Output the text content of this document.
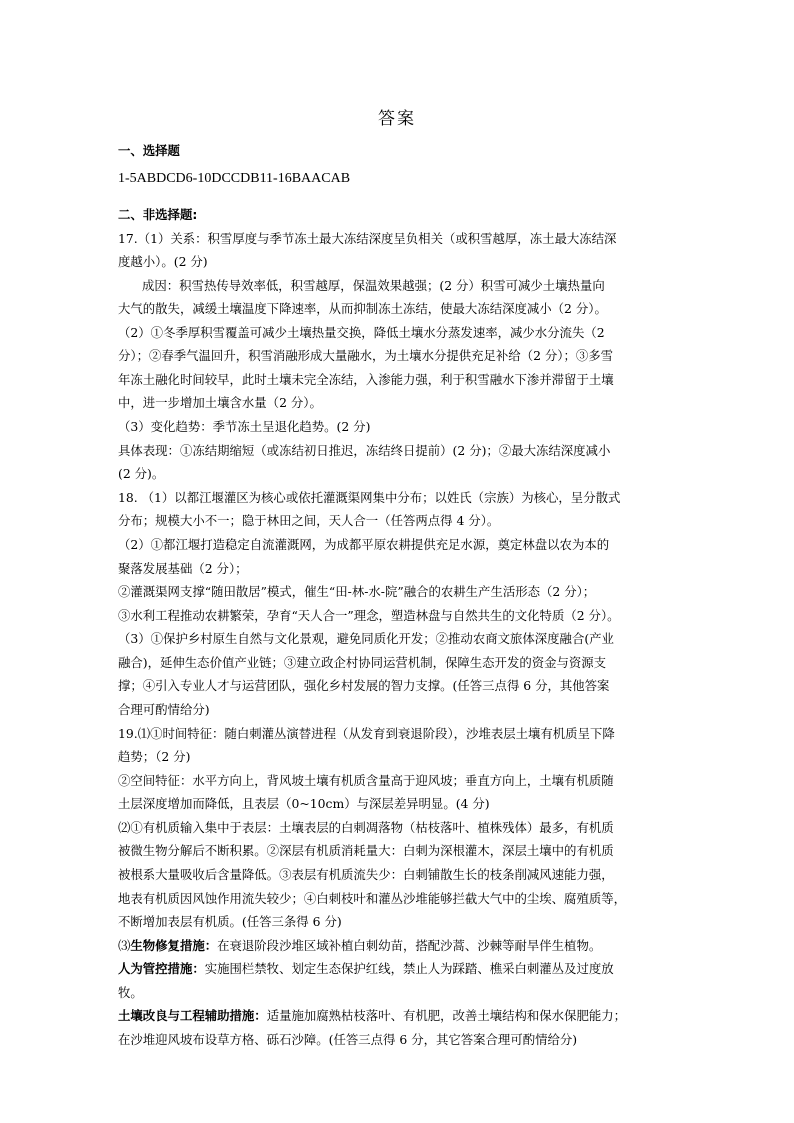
答案
一、选择题
1-5ABDCD6-10DCCDB11-16BAACAB
二、非选择题:
17.（1）关系：积雪厚度与季节冻土最大冻结深度呈负相关（或积雪越厚，冻土最大冻结深
度越小）。(2 分)
成因：积雪热传导效率低，积雪越厚，保温效果越强；(2 分）积雪可减少土壤热量向
大气的散失，减缓土壤温度下降速率，从而抑制冻土冻结，使最大冻结深度减小（2 分）。
（2）①冬季厚积雪覆盖可减少土壤热量交换，降低土壤水分蒸发速率，减少水分流失（2
分）；②春季气温回升，积雪消融形成大量融水，为土壤水分提供充足补给（2 分）；③多雪
年冻土融化时间较早，此时土壤未完全冻结，入渗能力强，利于积雪融水下渗并滞留于土壤
中，进一步增加土壤含水量（2 分）。
（3）变化趋势：季节冻土呈退化趋势。(2 分)
具体表现：①冻结期缩短（或冻结初日推迟，冻结终日提前）(2 分)；②最大冻结深度减小
(2 分)。
18. （1）以都江堰灌区为核心或依托灌溉渠网集中分布；以姓氏（宗族）为核心，呈分散式
分布；规模大小不一；隐于林田之间，天人合一（任答两点得 4 分）。
（2）①都江堰打造稳定自流灌溉网，为成都平原农耕提供充足水源，奠定林盘以农为本的
聚落发展基础（2 分）；
②灌溉渠网支撑“随田散居”模式，催生“田-林-水-院”融合的农耕生产生活形态（2 分）；
③水利工程推动农耕繁荣，孕育“天人合一”理念，塑造林盘与自然共生的文化特质（2 分）。
（3）①保护乡村原生自然与文化景观，避免同质化开发；②推动农商文旅体深度融合(产业
融合)，延伸生态价值产业链；③建立政企村协同运营机制，保障生态开发的资金与资源支
撑；④引入专业人才与运营团队，强化乡村发展的智力支撑。(任答三点得 6 分，其他答案
合理可酌情给分)
19.⑴①时间特征：随白刺灌丛演替进程（从发育到衰退阶段），沙堆表层土壤有机质呈下降
趋势；（2 分)
②空间特征：水平方向上，背风坡土壤有机质含量高于迎风坡；垂直方向上，土壤有机质随
土层深度增加而降低，且表层（0~10cm）与深层差异明显。(4 分)
⑵①有机质输入集中于表层：土壤表层的白刺凋落物（枯枝落叶、植株残体）最多，有机质
被微生物分解后不断积累。②深层有机质消耗量大：白刺为深根灌木，深层土壤中的有机质
被根系大量吸收后含量降低。③表层有机质流失少：白刺铺散生长的枝条削减风速能力强，
地表有机质因风蚀作用流失较少；④白刺枝叶和灌丛沙堆能够拦截大气中的尘埃、腐殖质等，
不断增加表层有机质。(任答三条得 6 分)
⑶生物修复措施：在衰退阶段沙堆区域补植白刺幼苗，搭配沙蒿、沙棘等耐旱伴生植物。
人为管控措施：实施围栏禁牧、划定生态保护红线，禁止人为踩踏、樵采白刺灌丛及过度放
牧。
土壤改良与工程辅助措施：适量施加腐熟枯枝落叶、有机肥，改善土壤结构和保水保肥能力；
在沙堆迎风坡布设草方格、砾石沙障。(任答三点得 6 分，其它答案合理可酌情给分)
